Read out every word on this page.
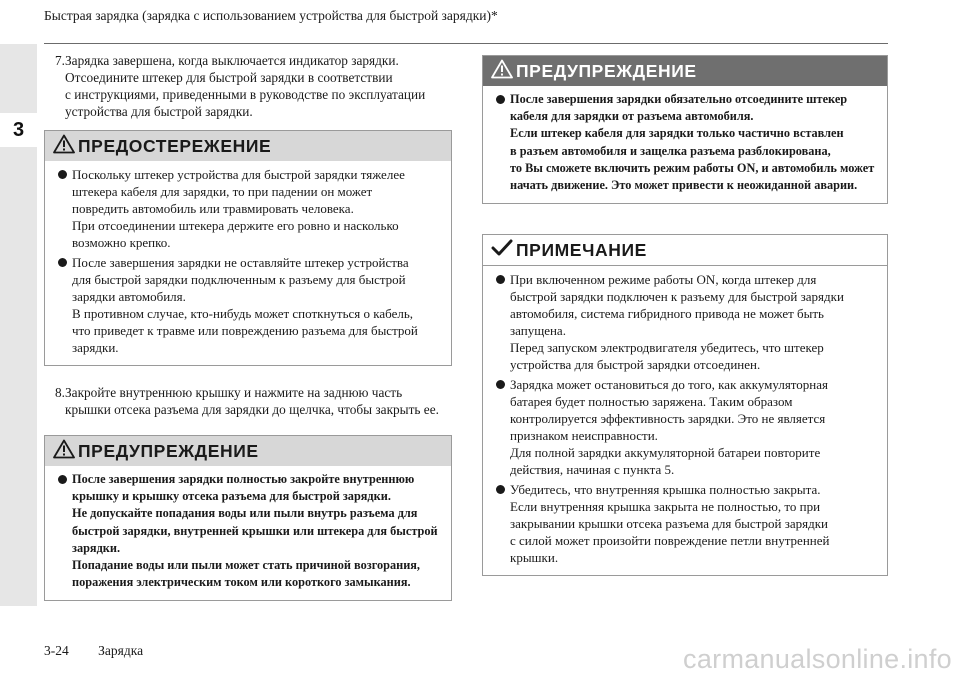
3
Быстрая зарядка (зарядка с использованием устройства для быстрой зарядки)*
7. Зарядка завершена, когда выключается индикатор зарядки.
Отсоедините штекер для быстрой зарядки в соответствии
с инструкциями, приведенными в руководстве по эксплуатации
устройства для быстрой зарядки.
ПРЕДОСТЕРЕЖЕНИЕ
Поскольку штекер устройства для быстрой зарядки тяжелее
штекера кабеля для зарядки, то при падении он может
повредить автомобиль или травмировать человека.
При отсоединении штекера держите его ровно и насколько
возможно крепко.
После завершения зарядки не оставляйте штекер устройства
для быстрой зарядки подключенным к разъему для быстрой
зарядки автомобиля.
В противном случае, кто-нибудь может споткнуться о кабель,
что приведет к травме или повреждению разъема для быстрой
зарядки.
8. Закройте внутреннюю крышку и нажмите на заднюю часть
крышки отсека разъема для зарядки до щелчка, чтобы закрыть ее.
ПРЕДУПРЕЖДЕНИЕ
После завершения зарядки полностью закройте внутреннюю
крышку и крышку отсека разъема для быстрой зарядки.
Не допускайте попадания воды или пыли внутрь разъема для
быстрой зарядки, внутренней крышки или штекера для быстрой
зарядки.
Попадание воды или пыли может стать причиной возгорания,
поражения электрическим током или короткого замыкания.
ПРЕДУПРЕЖДЕНИЕ
После завершения зарядки обязательно отсоедините штекер
кабеля для зарядки от разъема автомобиля.
Если штекер кабеля для зарядки только частично вставлен
в разъем автомобиля и защелка разъема разблокирована,
то Вы сможете включить режим работы ON, и автомобиль может
начать движение. Это может привести к неожиданной аварии.
ПРИМЕЧАНИЕ
При включенном режиме работы ON, когда штекер для
быстрой зарядки подключен к разъему для быстрой зарядки
автомобиля, система гибридного привода не может быть
запущена.
Перед запуском электродвигателя убедитесь, что штекер
устройства для быстрой зарядки отсоединен.
Зарядка может остановиться до того, как аккумуляторная
батарея будет полностью заряжена. Таким образом
контролируется эффективность зарядки. Это не является
признаком неисправности.
Для полной зарядки аккумуляторной батареи повторите
действия, начиная с пункта 5.
Убедитесь, что внутренняя крышка полностью закрыта.
Если внутренняя крышка закрыта не полностью, то при
закрывании крышки отсека разъема для быстрой зарядки
с силой может произойти повреждение петли внутренней
крышки.
3-24 Зарядка	carmanualsonline.info
